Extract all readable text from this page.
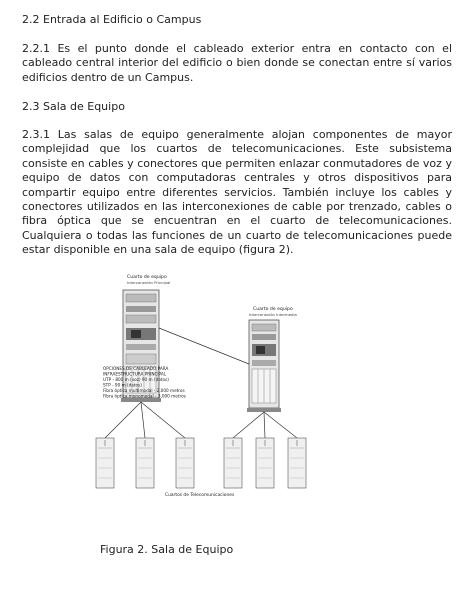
2.2 Entrada al Edificio o Campus

2.2.1 Es el punto donde el cableado exterior entra en contacto con el cableado central interior del edificio o bien donde se conectan entre sí varios edificios dentro de un Campus.

2.3 Sala de Equipo

2.3.1 Las salas de equipo generalmente alojan componentes de mayor complejidad que los cuartos de telecomunicaciones. Este subsistema consiste en cables y conectores que permiten enlazar conmutadores de voz y equipo de datos con computadoras centrales y otros dispositivos para compartir equipo entre diferentes servicios. También incluye los cables y conectores utilizados en las interconexiones de cable por trenzado, cables o fibra óptica que se encuentran en el cuarto de telecomunicaciones. Cualquiera o todas las funciones de un cuarto de telecomunicaciones puede estar disponible en una sala de equipo (figura 2).

Cuarto de equipo
Interconexión Principal
Cuarto de equipo
Interconexión Intermedia
OPCIONES DE CABLEADO PARA
INFRAESTRUCTURA PRINCIPAL
UTP - 800 m (voz) 90 m (datos)
STP - 90 m (datos)
Fibra óptica multimodal - 2,000 metros
Fibra óptica monomodal - 3,000 metros
Cuartos de Telecomunicaciones

Figura 2. Sala de Equipo
